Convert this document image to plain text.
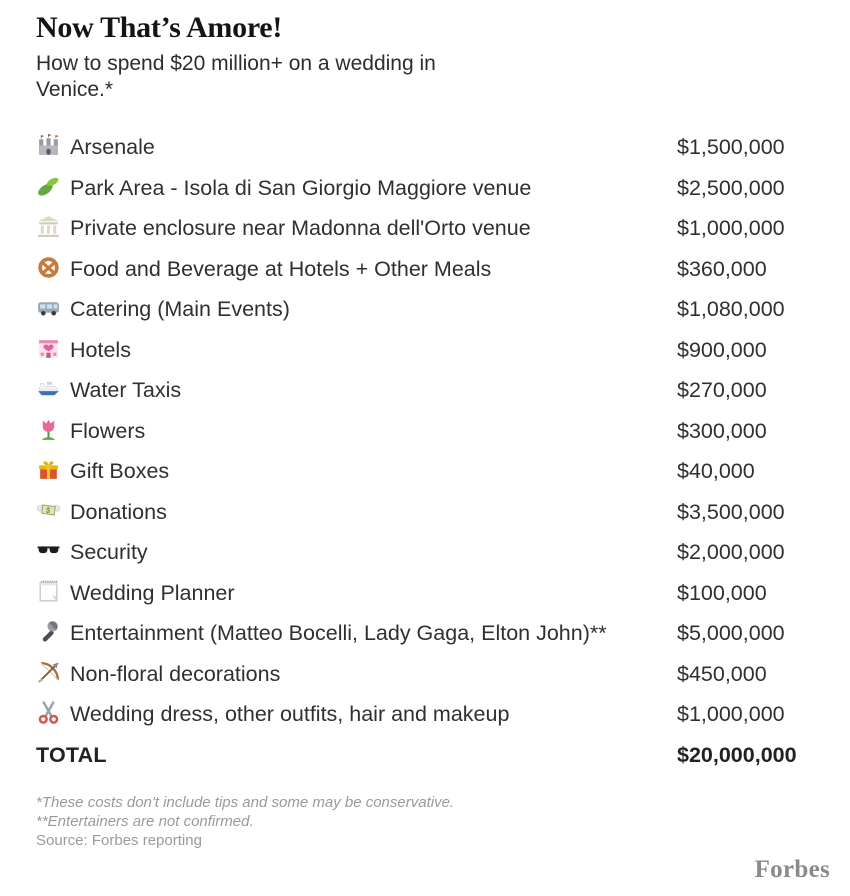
Now That’s Amore!

How to spend $20 million+ on a wedding in Venice.*

Arsenale	$1,500,000
Park Area - Isola di San Giorgio Maggiore venue	$2,500,000
Private enclosure near Madonna dell'Orto venue	$1,000,000
Food and Beverage at Hotels + Other Meals	$360,000
Catering (Main Events)	$1,080,000
Hotels	$900,000
Water Taxis	$270,000
Flowers	$300,000
Gift Boxes	$40,000
$ Donations	$3,500,000
Security	$2,000,000
Wedding Planner	$100,000
Entertainment (Matteo Bocelli, Lady Gaga, Elton John)**	$5,000,000
Non-floral decorations	$450,000
Wedding dress, other outfits, hair and makeup	$1,000,000
TOTAL	$20,000,000

*These costs don't include tips and some may be conservative.

**Entertainers are not confirmed.

Source: Forbes reporting

Forbes
